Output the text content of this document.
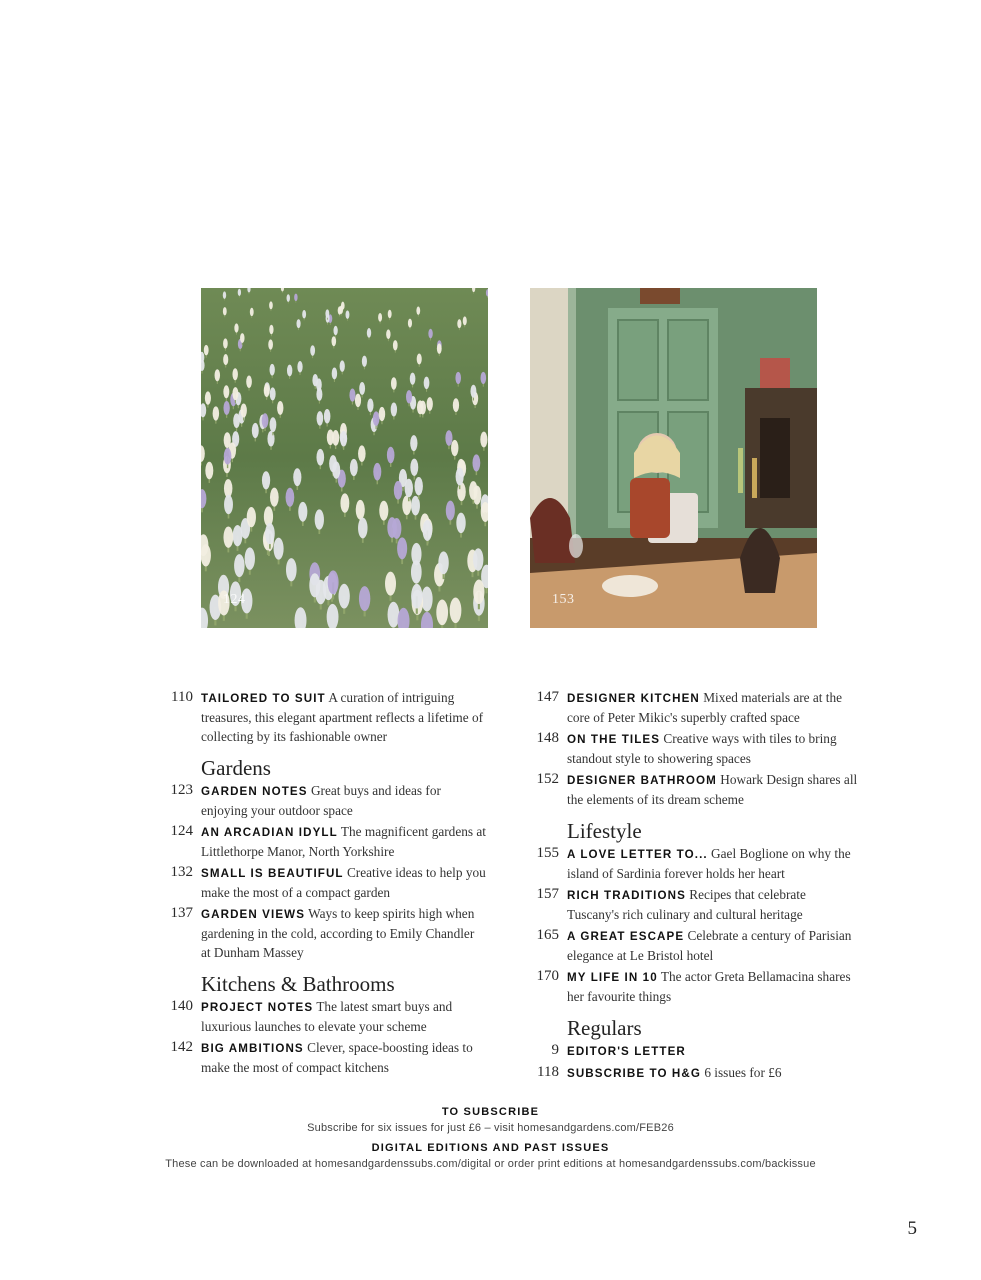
124	153
110 TAILORED TO SUIT A curation of intriguing treasures, this elegant apartment reflects a lifetime of collecting by its fashionable owner
Gardens
123 GARDEN NOTES Great buys and ideas for enjoying your outdoor space
124 AN ARCADIAN IDYLL The magnificent gardens at Littlethorpe Manor, North Yorkshire
132 SMALL IS BEAUTIFUL Creative ideas to help you make the most of a compact garden
137 GARDEN VIEWS Ways to keep spirits high when gardening in the cold, according to Emily Chandler at Dunham Massey
Kitchens & Bathrooms
140 PROJECT NOTES The latest smart buys and luxurious launches to elevate your scheme
142 BIG AMBITIONS Clever, space-boosting ideas to make the most of compact kitchens
147 DESIGNER KITCHEN Mixed materials are at the core of Peter Mikic's superbly crafted space
148 ON THE TILES Creative ways with tiles to bring standout style to showering spaces
152 DESIGNER BATHROOM Howark Design shares all the elements of its dream scheme
Lifestyle
155 A LOVE LETTER TO... Gael Boglione on why the island of Sardinia forever holds her heart
157 RICH TRADITIONS Recipes that celebrate Tuscany's rich culinary and cultural heritage
165 A GREAT ESCAPE Celebrate a century of Parisian elegance at Le Bristol hotel
170 MY LIFE IN 10 The actor Greta Bellamacina shares her favourite things
Regulars
9 EDITOR'S LETTER
118 SUBSCRIBE TO H&G 6 issues for £6
TO SUBSCRIBE
Subscribe for six issues for just £6 – visit homesandgardens.com/FEB26
DIGITAL EDITIONS AND PAST ISSUES
These can be downloaded at homesandgardenssubs.com/digital or order print editions at homesandgardenssubs.com/backissue
5
